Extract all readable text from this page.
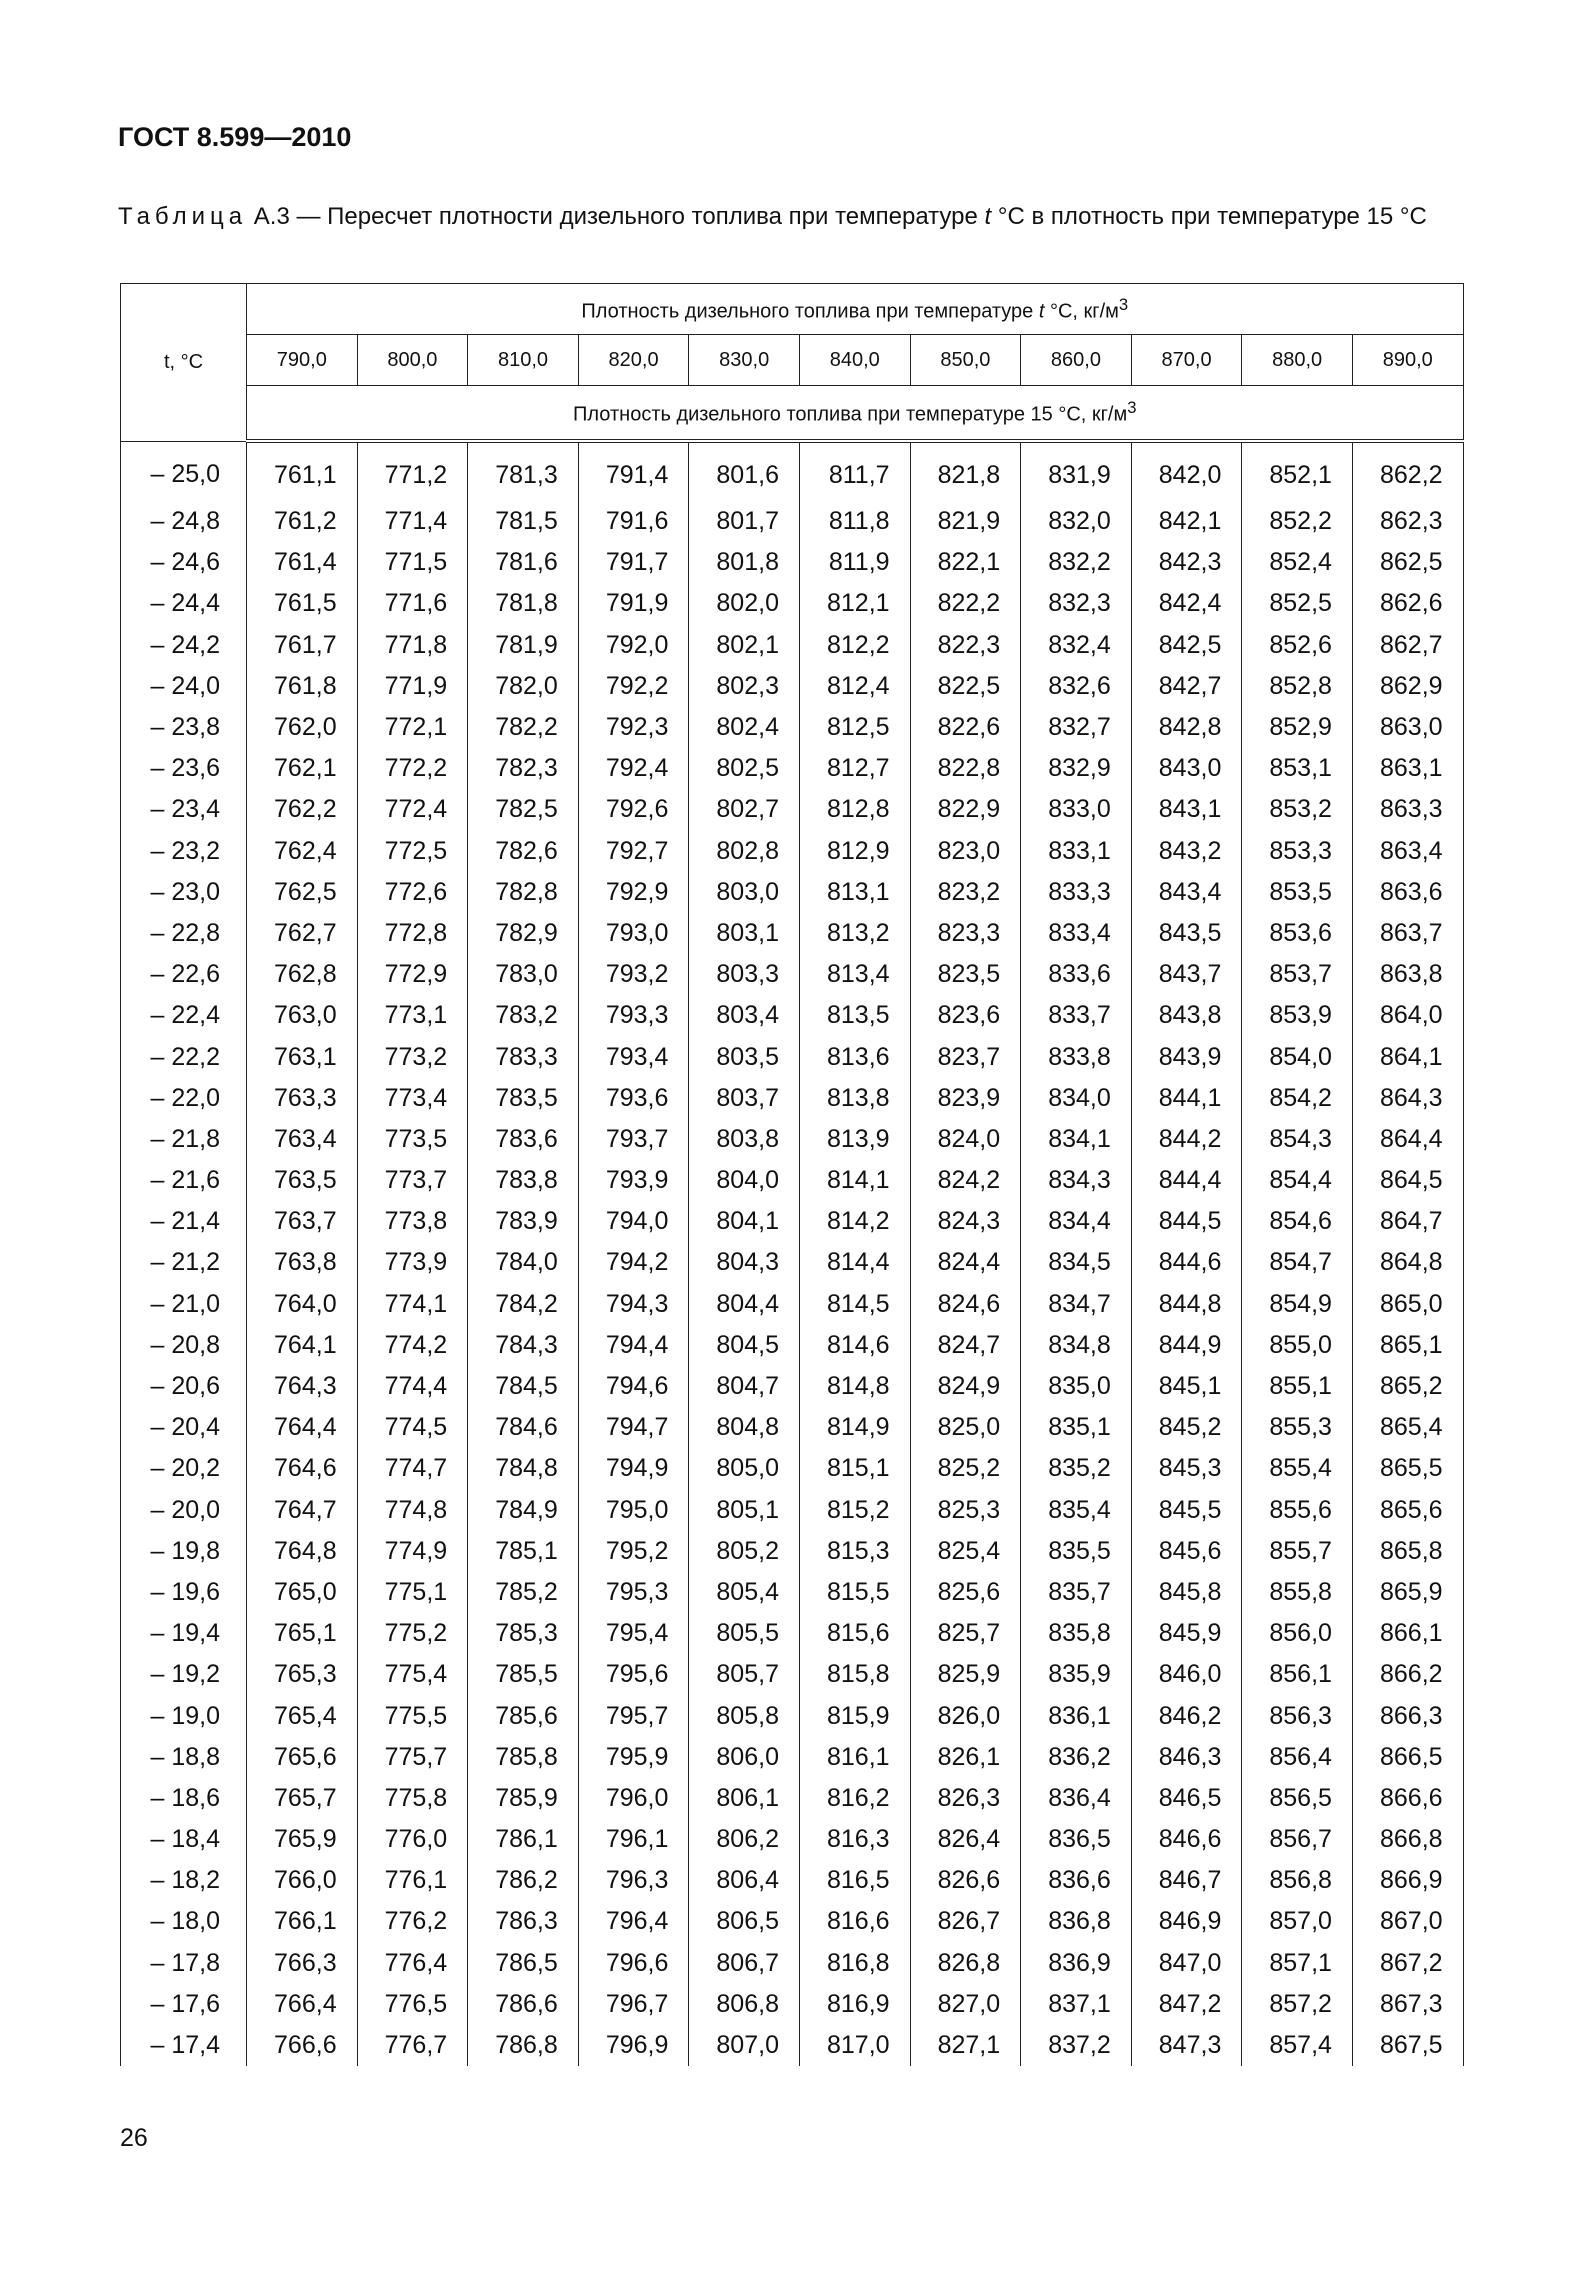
ГОСТ 8.599—2010
Таблица А.3 — Пересчет плотности дизельного топлива при температуре t °С в плотность при температуре 15 °С
t, °С	Плотность дизельного топлива при температуре t °С, $кг/м^3$
	790,0	800,0	810,0	820,0	830,0	840,0	850,0	860,0	870,0	880,0	890,0
	Плотность дизельного топлива при температуре 15 °С, $кг/м^3$
– 25,0	761,1	771,2	781,3	791,4	801,6	811,7	821,8	831,9	842,0	852,1	862,2
– 24,8	761,2	771,4	781,5	791,6	801,7	811,8	821,9	832,0	842,1	852,2	862,3
– 24,6	761,4	771,5	781,6	791,7	801,8	811,9	822,1	832,2	842,3	852,4	862,5
– 24,4	761,5	771,6	781,8	791,9	802,0	812,1	822,2	832,3	842,4	852,5	862,6
– 24,2	761,7	771,8	781,9	792,0	802,1	812,2	822,3	832,4	842,5	852,6	862,7
– 24,0	761,8	771,9	782,0	792,2	802,3	812,4	822,5	832,6	842,7	852,8	862,9
– 23,8	762,0	772,1	782,2	792,3	802,4	812,5	822,6	832,7	842,8	852,9	863,0
– 23,6	762,1	772,2	782,3	792,4	802,5	812,7	822,8	832,9	843,0	853,1	863,1
– 23,4	762,2	772,4	782,5	792,6	802,7	812,8	822,9	833,0	843,1	853,2	863,3
– 23,2	762,4	772,5	782,6	792,7	802,8	812,9	823,0	833,1	843,2	853,3	863,4
– 23,0	762,5	772,6	782,8	792,9	803,0	813,1	823,2	833,3	843,4	853,5	863,6
– 22,8	762,7	772,8	782,9	793,0	803,1	813,2	823,3	833,4	843,5	853,6	863,7
– 22,6	762,8	772,9	783,0	793,2	803,3	813,4	823,5	833,6	843,7	853,7	863,8
– 22,4	763,0	773,1	783,2	793,3	803,4	813,5	823,6	833,7	843,8	853,9	864,0
– 22,2	763,1	773,2	783,3	793,4	803,5	813,6	823,7	833,8	843,9	854,0	864,1
– 22,0	763,3	773,4	783,5	793,6	803,7	813,8	823,9	834,0	844,1	854,2	864,3
– 21,8	763,4	773,5	783,6	793,7	803,8	813,9	824,0	834,1	844,2	854,3	864,4
– 21,6	763,5	773,7	783,8	793,9	804,0	814,1	824,2	834,3	844,4	854,4	864,5
– 21,4	763,7	773,8	783,9	794,0	804,1	814,2	824,3	834,4	844,5	854,6	864,7
– 21,2	763,8	773,9	784,0	794,2	804,3	814,4	824,4	834,5	844,6	854,7	864,8
– 21,0	764,0	774,1	784,2	794,3	804,4	814,5	824,6	834,7	844,8	854,9	865,0
– 20,8	764,1	774,2	784,3	794,4	804,5	814,6	824,7	834,8	844,9	855,0	865,1
– 20,6	764,3	774,4	784,5	794,6	804,7	814,8	824,9	835,0	845,1	855,1	865,2
– 20,4	764,4	774,5	784,6	794,7	804,8	814,9	825,0	835,1	845,2	855,3	865,4
– 20,2	764,6	774,7	784,8	794,9	805,0	815,1	825,2	835,2	845,3	855,4	865,5
– 20,0	764,7	774,8	784,9	795,0	805,1	815,2	825,3	835,4	845,5	855,6	865,6
– 19,8	764,8	774,9	785,1	795,2	805,2	815,3	825,4	835,5	845,6	855,7	865,8
– 19,6	765,0	775,1	785,2	795,3	805,4	815,5	825,6	835,7	845,8	855,8	865,9
– 19,4	765,1	775,2	785,3	795,4	805,5	815,6	825,7	835,8	845,9	856,0	866,1
– 19,2	765,3	775,4	785,5	795,6	805,7	815,8	825,9	835,9	846,0	856,1	866,2
– 19,0	765,4	775,5	785,6	795,7	805,8	815,9	826,0	836,1	846,2	856,3	866,3
– 18,8	765,6	775,7	785,8	795,9	806,0	816,1	826,1	836,2	846,3	856,4	866,5
– 18,6	765,7	775,8	785,9	796,0	806,1	816,2	826,3	836,4	846,5	856,5	866,6
– 18,4	765,9	776,0	786,1	796,1	806,2	816,3	826,4	836,5	846,6	856,7	866,8
– 18,2	766,0	776,1	786,2	796,3	806,4	816,5	826,6	836,6	846,7	856,8	866,9
– 18,0	766,1	776,2	786,3	796,4	806,5	816,6	826,7	836,8	846,9	857,0	867,0
– 17,8	766,3	776,4	786,5	796,6	806,7	816,8	826,8	836,9	847,0	857,1	867,2
– 17,6	766,4	776,5	786,6	796,7	806,8	816,9	827,0	837,1	847,2	857,2	867,3
– 17,4	766,6	776,7	786,8	796,9	807,0	817,0	827,1	837,2	847,3	857,4	867,5
26
